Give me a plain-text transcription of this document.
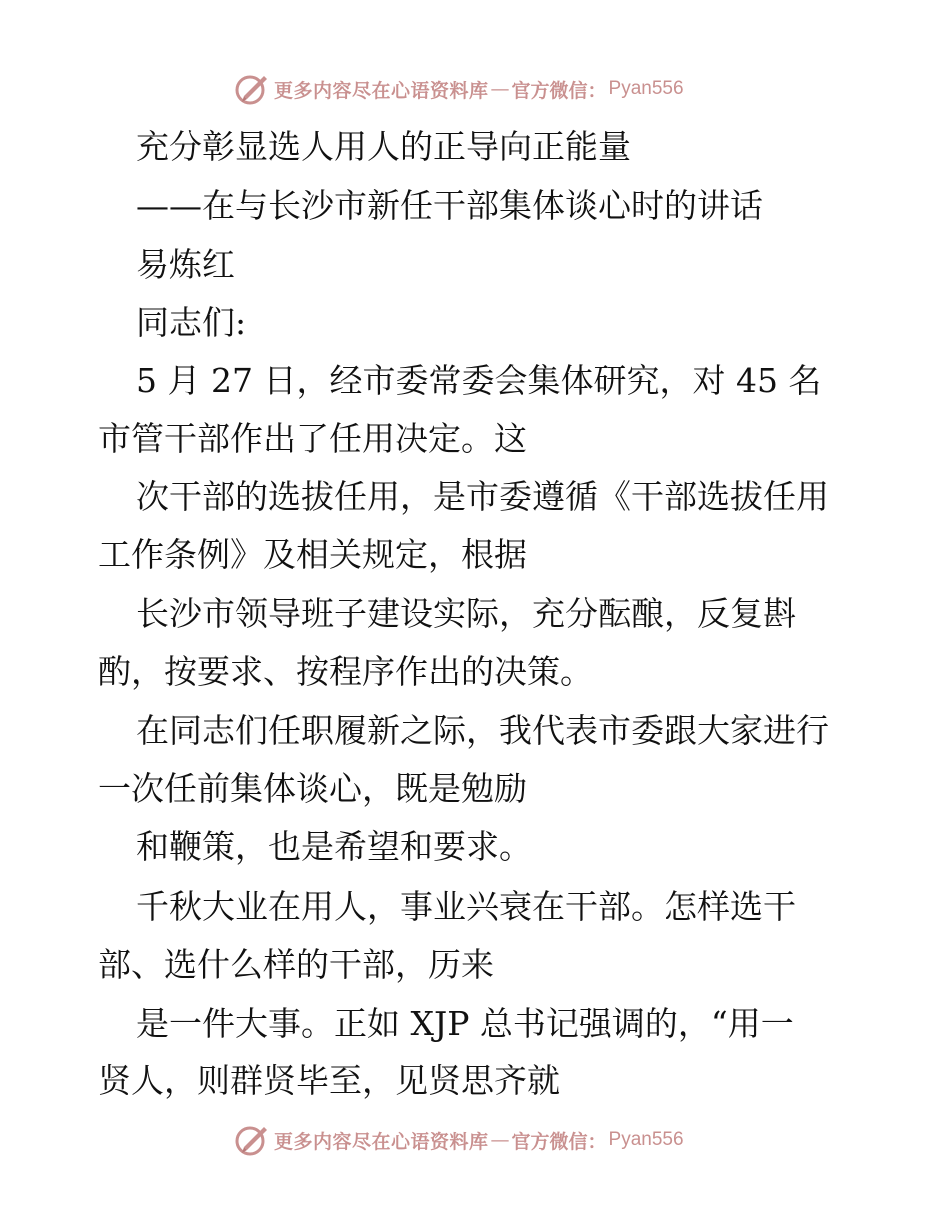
更多内容尽在心语资料库 — 官方微信： Pyan556
充分彰显选人用人的正导向正能量
——在与长沙市新任干部集体谈心时的讲话
易炼红
同志们:
5 月 27 日，经市委常委会集体研究，对 45 名
市管干部作出了任用决定。这
次干部的选拔任用，是市委遵循《干部选拔任用
工作条例》及相关规定，根据
长沙市领导班子建设实际，充分酝酿，反复斟
酌，按要求、按程序作出的决策。
在同志们任职履新之际，我代表市委跟大家进行
一次任前集体谈心，既是勉励
和鞭策，也是希望和要求。
千秋大业在用人，事业兴衰在干部。怎样选干
部、选什么样的干部，历来
是一件大事。正如 XJP 总书记强调的，“用一
贤人，则群贤毕至，见贤思齐就
更多内容尽在心语资料库 — 官方微信： Pyan556
